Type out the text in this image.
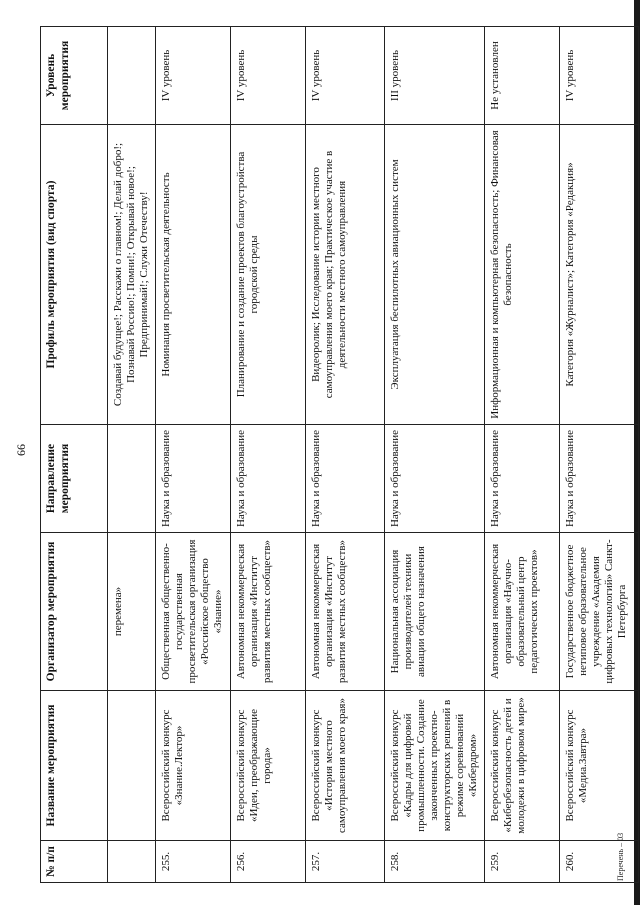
66
№ п/п	Название мероприятия	Организатор мероприятия	Направление мероприятия	Профиль мероприятия (вид спорта)	Уровень мероприятия
		перемена»		Создавай будущее!; Расскажи о главном!; Делай добро!; Познавай Россию!; Помни!; Открывай новое!; Предпринимай!; Служи Отечеству!	
255.	Всероссийский конкурс «Знание.Лектор»	Общественная общественно-государственная просветительская организация «Российское общество «Знание»	Наука и образование	Номинация просветительская деятельность	IV уровень
256.	Всероссийский конкурс «Идеи, преображающие города»	Автономная некоммерческая организация «Институт развития местных сообществ»	Наука и образование	Планирование и создание проектов благоустройства городской среды	IV уровень
257.	Всероссийский конкурс «История местного самоуправления моего края»	Автономная некоммерческая организация «Институт развития местных сообществ»	Наука и образование	Видеоролик; Исследование истории местного самоуправления моего края; Практическое участие в деятельности местного самоуправления	IV уровень
258.	Всероссийский конкурс «Кадры для цифровой промышленности. Создание законченных проектно-конструкторских решений в режиме соревнований «Кибердром»	Национальная ассоциация производителей техники авиации общего назначения	Наука и образование	Эксплуатация беспилотных авиационных систем	III уровень
259.	Всероссийский конкурс «Кибербезопасность детей и молодежи в цифровом мире»	Автономная некоммерческая организация «Научно-образовательный центр педагогических проектов»	Наука и образование	Информационная и компьютерная безопасность; Финансовая безопасность	Не установлен
260.	Всероссийский конкурс «Медиа.Завтра»	Государственное бюджетное нетиповое образовательное учреждение «Академия цифровых технологий» Санкт-Петербурга	Наука и образование	Категория «Журналист»; Категория «Редакция»	IV уровень
Перечень – 03
